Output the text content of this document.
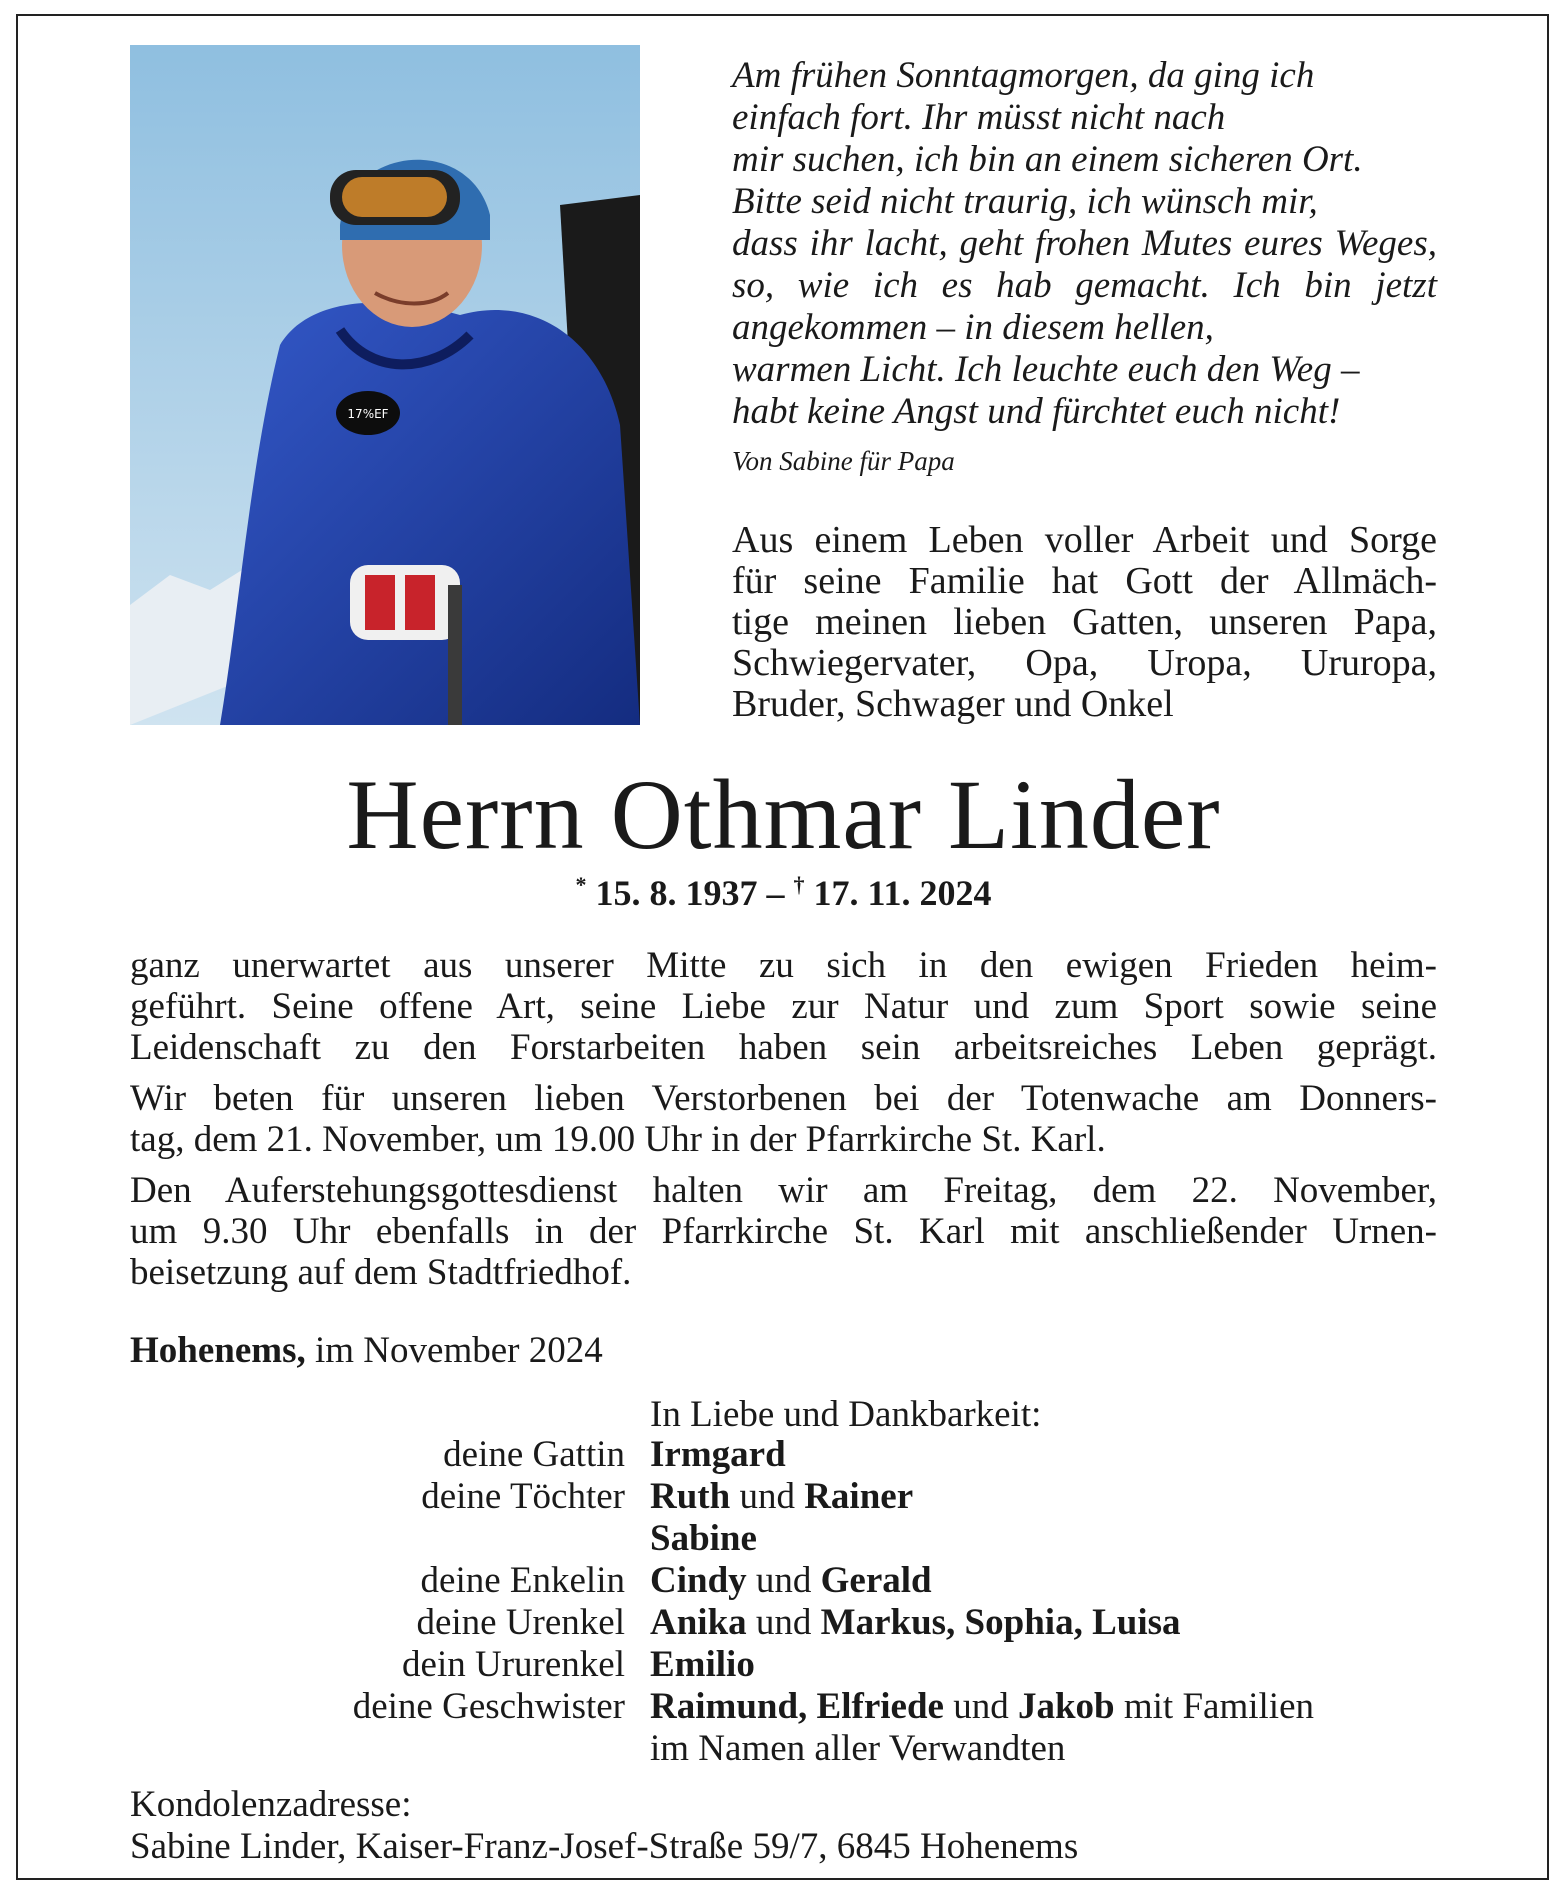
17%EF
Am frühen Sonntagmorgen, da ging ich
einfach fort. Ihr müsst nicht nach
mir suchen, ich bin an einem sicheren Ort.
Bitte seid nicht traurig, ich wünsch mir,
dass ihr lacht, geht frohen Mutes eures Weges,
so, wie ich es hab gemacht. Ich bin jetzt
angekommen – in diesem hellen,
warmen Licht. Ich leuchte euch den Weg –
habt keine Angst und fürchtet euch nicht!
Von Sabine für Papa
Aus einem Leben voller Arbeit und Sorge
für seine Familie hat Gott der Allmäch-
tige meinen lieben Gatten, unseren Papa,
Schwiegervater, Opa, Uropa, Ururopa,
Bruder, Schwager und Onkel
Herrn Othmar Linder
* 15. 8. 1937 – † 17. 11. 2024
ganz unerwartet aus unserer Mitte zu sich in den ewigen Frieden heim-
geführt. Seine offene Art, seine Liebe zur Natur und zum Sport sowie seine
Leidenschaft zu den Forstarbeiten haben sein arbeitsreiches Leben geprägt.
Wir beten für unseren lieben Verstorbenen bei der Totenwache am Donners-
tag, dem 21. November, um 19.00 Uhr in der Pfarrkirche St. Karl.
Den Auferstehungsgottesdienst halten wir am Freitag, dem 22. November,
um 9.30 Uhr ebenfalls in der Pfarrkirche St. Karl mit anschließender Urnen-
beisetzung auf dem Stadtfriedhof.
Hohenems, im November 2024
In Liebe und Dankbarkeit:
deine Gattin Irmgard
deine Töchter Ruth und Rainer
Sabine
deine Enkelin Cindy und Gerald
deine Urenkel Anika und Markus, Sophia, Luisa
dein Ururenkel Emilio
deine Geschwister Raimund, Elfriede und Jakob mit Familien
im Namen aller Verwandten
Kondolenzadresse:
Sabine Linder, Kaiser-Franz-Josef-Straße 59/7, 6845 Hohenems
